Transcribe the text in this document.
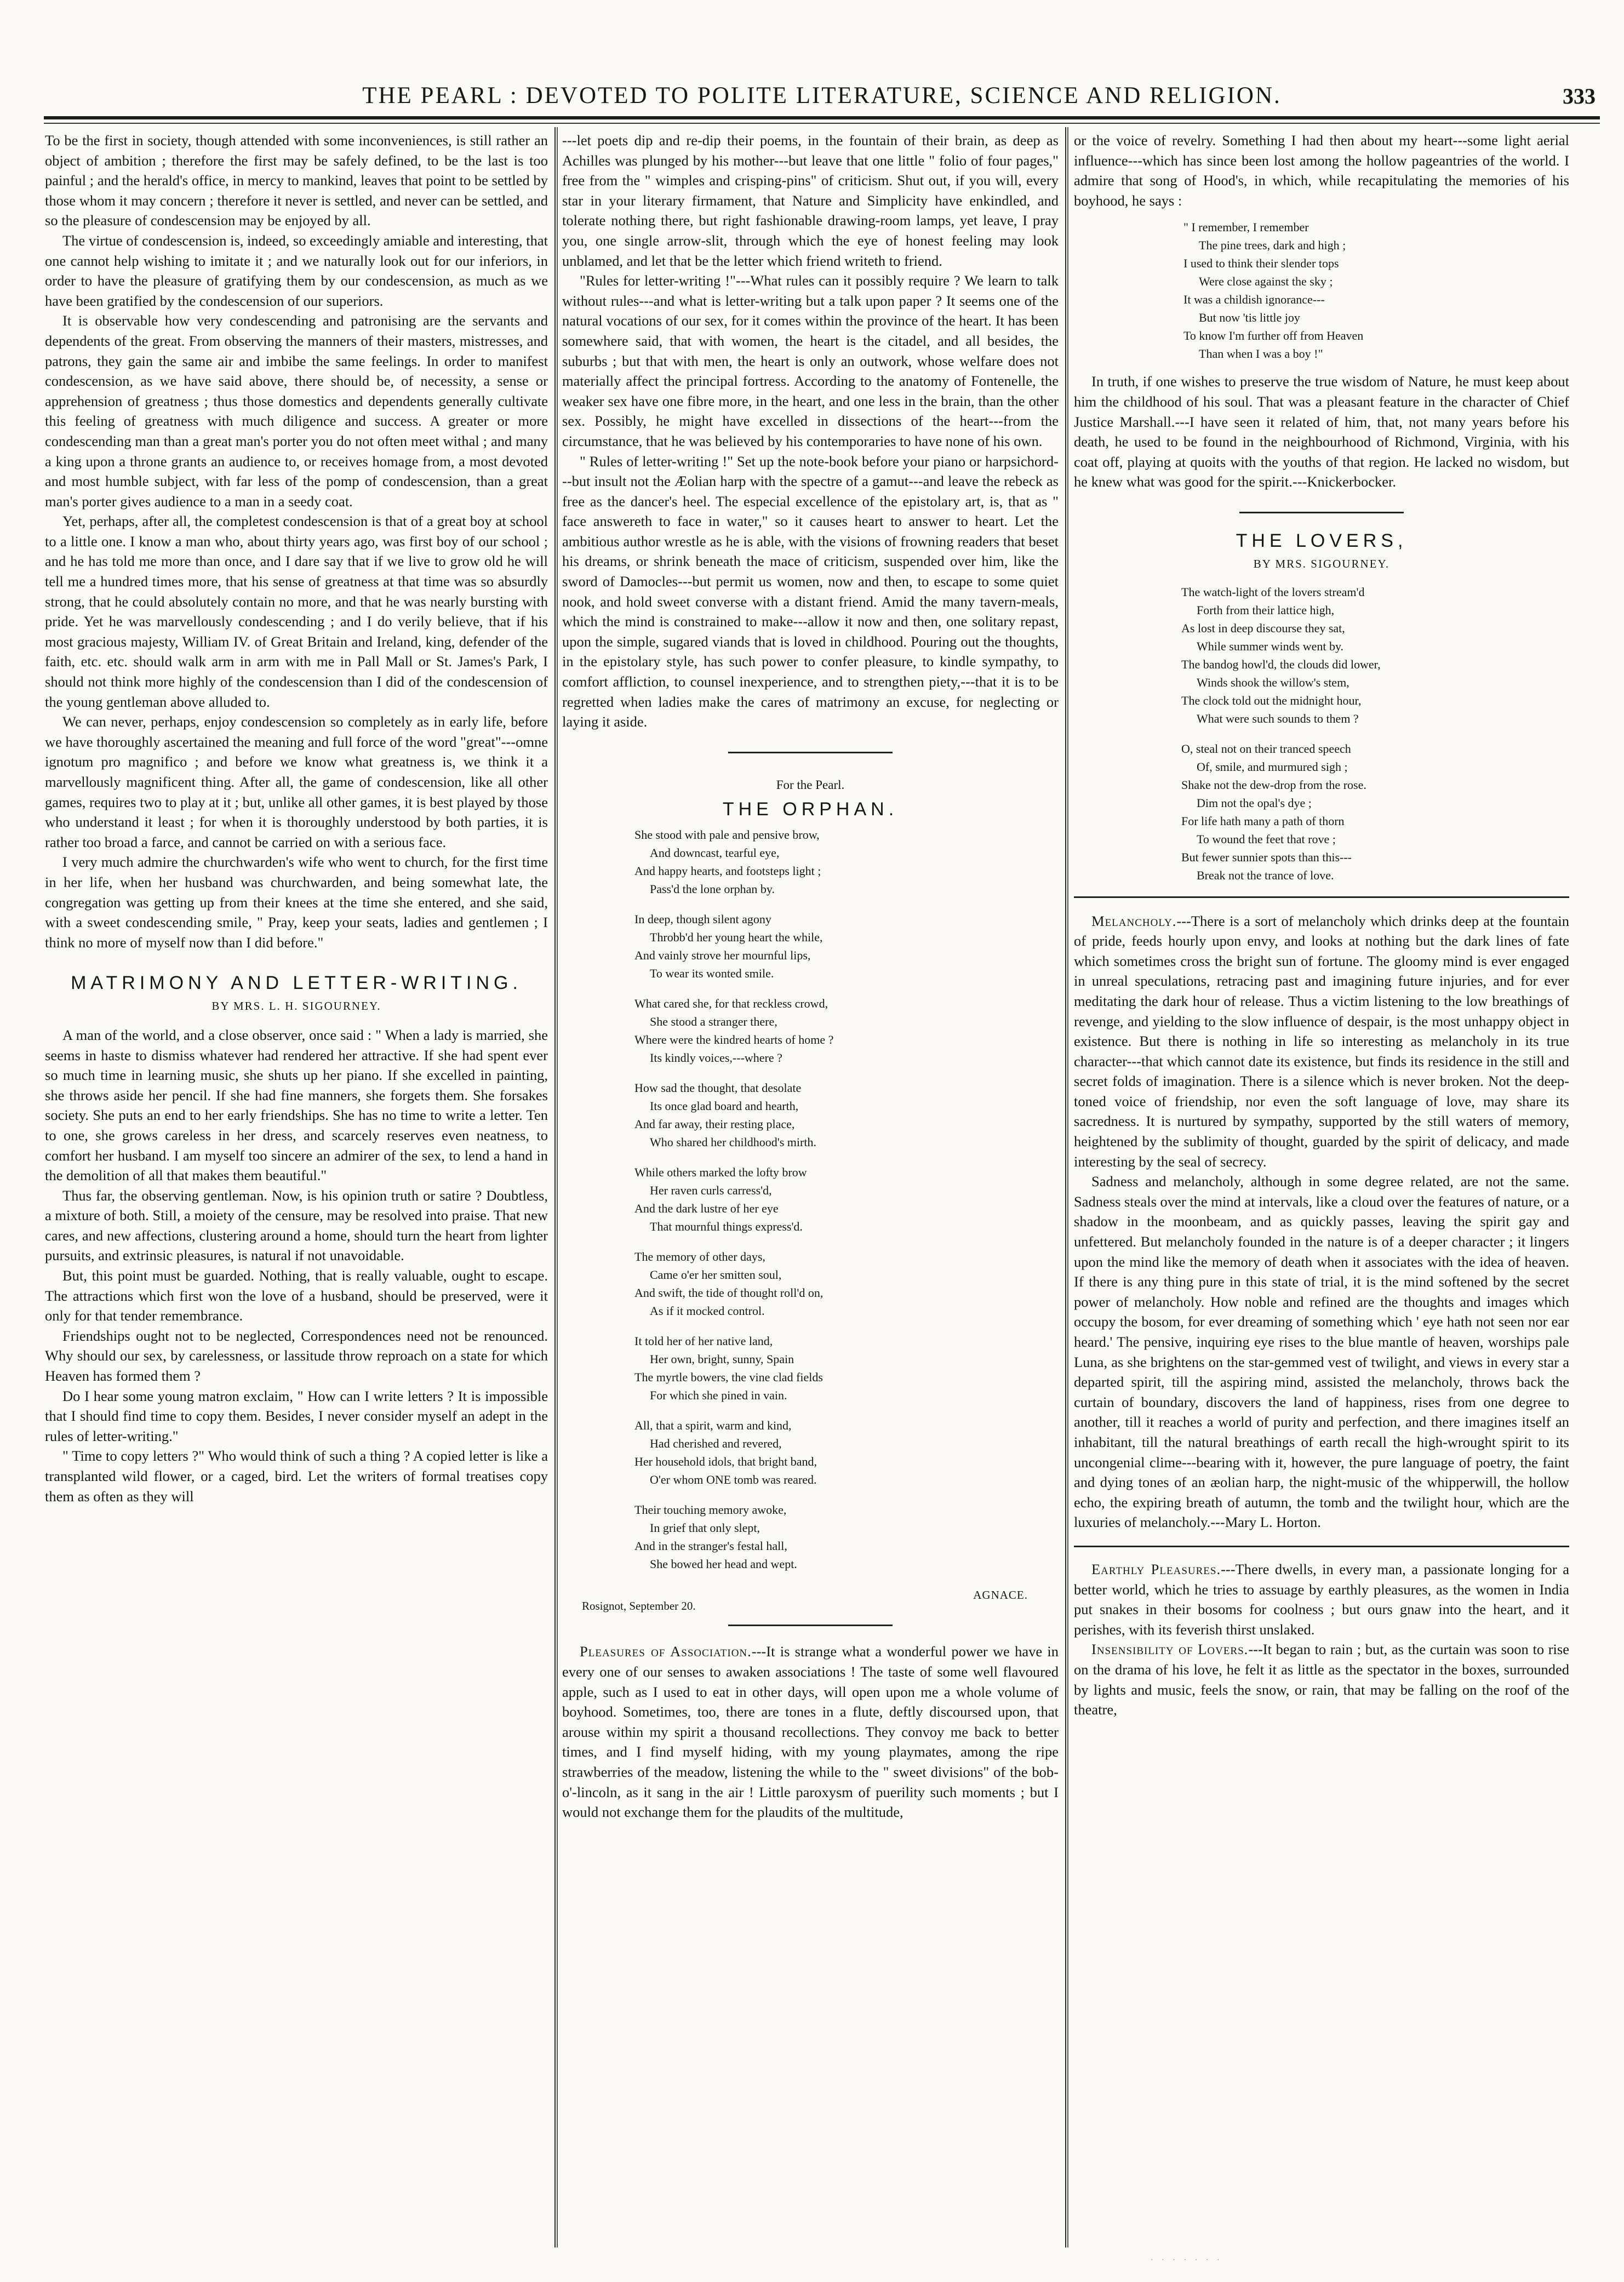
THE PEARL : DEVOTED TO POLITE LITERATURE, SCIENCE AND RELIGION.	333

To be the first in society, though attended with some inconveniences, is still rather an object of ambition ; therefore the first may be safely defined, to be the last is too painful ; and the herald's office, in mercy to mankind, leaves that point to be settled by those whom it may concern ; therefore it never is settled, and never can be settled, and so the pleasure of condescension may be enjoyed by all.

The virtue of condescension is, indeed, so exceedingly amiable and interesting, that one cannot help wishing to imitate it ; and we naturally look out for our inferiors, in order to have the pleasure of gratifying them by our condescension, as much as we have been gratified by the condescension of our superiors.

It is observable how very condescending and patronising are the servants and dependents of the great. From observing the manners of their masters, mistresses, and patrons, they gain the same air and imbibe the same feelings. In order to manifest condescension, as we have said above, there should be, of necessity, a sense or apprehension of greatness ; thus those domestics and dependents generally cultivate this feeling of greatness with much diligence and success. A greater or more condescending man than a great man's porter you do not often meet withal ; and many a king upon a throne grants an audience to, or receives homage from, a most devoted and most humble subject, with far less of the pomp of condescension, than a great man's porter gives audience to a man in a seedy coat.

Yet, perhaps, after all, the completest condescension is that of a great boy at school to a little one. I know a man who, about thirty years ago, was first boy of our school ; and he has told me more than once, and I dare say that if we live to grow old he will tell me a hundred times more, that his sense of greatness at that time was so absurdly strong, that he could absolutely contain no more, and that he was nearly bursting with pride. Yet he was marvellously condescending ; and I do verily believe, that if his most gracious majesty, William IV. of Great Britain and Ireland, king, defender of the faith, etc. etc. should walk arm in arm with me in Pall Mall or St. James's Park, I should not think more highly of the condescension than I did of the condescension of the young gentleman above alluded to.

We can never, perhaps, enjoy condescension so completely as in early life, before we have thoroughly ascertained the meaning and full force of the word "great"---omne ignotum pro magnifico ; and before we know what greatness is, we think it a marvellously magnificent thing. After all, the game of condescension, like all other games, requires two to play at it ; but, unlike all other games, it is best played by those who understand it least ; for when it is thoroughly understood by both parties, it is rather too broad a farce, and cannot be carried on with a serious face.

I very much admire the churchwarden's wife who went to church, for the first time in her life, when her husband was churchwarden, and being somewhat late, the congregation was getting up from their knees at the time she entered, and she said, with a sweet condescending smile, " Pray, keep your seats, ladies and gentlemen ; I think no more of myself now than I did before."

MATRIMONY AND LETTER-WRITING.
BY MRS. L. H. SIGOURNEY.

A man of the world, and a close observer, once said : " When a lady is married, she seems in haste to dismiss whatever had rendered her attractive. If she had spent ever so much time in learning music, she shuts up her piano. If she excelled in painting, she throws aside her pencil. If she had fine manners, she forgets them. She forsakes society. She puts an end to her early friendships. She has no time to write a letter. Ten to one, she grows careless in her dress, and scarcely reserves even neatness, to comfort her husband. I am myself too sincere an admirer of the sex, to lend a hand in the demolition of all that makes them beautiful."

Thus far, the observing gentleman. Now, is his opinion truth or satire ? Doubtless, a mixture of both. Still, a moiety of the censure, may be resolved into praise. That new cares, and new affections, clustering around a home, should turn the heart from lighter pursuits, and extrinsic pleasures, is natural if not unavoidable.

But, this point must be guarded. Nothing, that is really valuable, ought to escape. The attractions which first won the love of a husband, should be preserved, were it only for that tender remembrance.

Friendships ought not to be neglected, Correspondences need not be renounced. Why should our sex, by carelessness, or lassitude throw reproach on a state for which Heaven has formed them ?

Do I hear some young matron exclaim, " How can I write letters ? It is impossible that I should find time to copy them. Besides, I never consider myself an adept in the rules of letter-writing."

" Time to copy letters ?" Who would think of such a thing ? A copied letter is like a transplanted wild flower, or a caged, bird. Let the writers of formal treatises copy them as often as they will

---let poets dip and re-dip their poems, in the fountain of their brain, as deep as Achilles was plunged by his mother---but leave that one little " folio of four pages," free from the " wimples and crisping-pins" of criticism. Shut out, if you will, every star in your literary firmament, that Nature and Simplicity have enkindled, and tolerate nothing there, but right fashionable drawing-room lamps, yet leave, I pray you, one single arrow-slit, through which the eye of honest feeling may look unblamed, and let that be the letter which friend writeth to friend.

"Rules for letter-writing !"---What rules can it possibly require ? We learn to talk without rules---and what is letter-writing but a talk upon paper ? It seems one of the natural vocations of our sex, for it comes within the province of the heart. It has been somewhere said, that with women, the heart is the citadel, and all besides, the suburbs ; but that with men, the heart is only an outwork, whose welfare does not materially affect the principal fortress. According to the anatomy of Fontenelle, the weaker sex have one fibre more, in the heart, and one less in the brain, than the other sex. Possibly, he might have excelled in dissections of the heart---from the circumstance, that he was believed by his contemporaries to have none of his own.

" Rules of letter-writing !" Set up the note-book before your piano or harpsichord---but insult not the Æolian harp with the spectre of a gamut---and leave the rebeck as free as the dancer's heel. The especial excellence of the epistolary art, is, that as " face answereth to face in water," so it causes heart to answer to heart. Let the ambitious author wrestle as he is able, with the visions of frowning readers that beset his dreams, or shrink beneath the mace of criticism, suspended over him, like the sword of Damocles---but permit us women, now and then, to escape to some quiet nook, and hold sweet converse with a distant friend. Amid the many tavern-meals, which the mind is constrained to make---allow it now and then, one solitary repast, upon the simple, sugared viands that is loved in childhood. Pouring out the thoughts, in the epistolary style, has such power to confer pleasure, to kindle sympathy, to comfort affliction, to counsel inexperience, and to strengthen piety,---that it is to be regretted when ladies make the cares of matrimony an excuse, for neglecting or laying it aside.

For the Pearl.
THE ORPHAN.
She stood with pale and pensive brow,
And downcast, tearful eye,
And happy hearts, and footsteps light ;
Pass'd the lone orphan by.
In deep, though silent agony
Throbb'd her young heart the while,
And vainly strove her mournful lips,
To wear its wonted smile.
What cared she, for that reckless crowd,
She stood a stranger there,
Where were the kindred hearts of home ?
Its kindly voices,---where ?
How sad the thought, that desolate
Its once glad board and hearth,
And far away, their resting place,
Who shared her childhood's mirth.
While others marked the lofty brow
Her raven curls carress'd,
And the dark lustre of her eye
That mournful things express'd.
The memory of other days,
Came o'er her smitten soul,
And swift, the tide of thought roll'd on,
As if it mocked control.
It told her of her native land,
Her own, bright, sunny, Spain
The myrtle bowers, the vine clad fields
For which she pined in vain.
All, that a spirit, warm and kind,
Had cherished and revered,
Her household idols, that bright band,
O'er whom ONE tomb was reared.
Their touching memory awoke,
In grief that only slept,
And in the stranger's festal hall,
She bowed her head and wept.
AGNACE.
Rosignot, September 20.

Pleasures of Association.---It is strange what a wonderful power we have in every one of our senses to awaken associations ! The taste of some well flavoured apple, such as I used to eat in other days, will open upon me a whole volume of boyhood. Sometimes, too, there are tones in a flute, deftly discoursed upon, that arouse within my spirit a thousand recollections. They convoy me back to better times, and I find myself hiding, with my young playmates, among the ripe strawberries of the meadow, listening the while to the " sweet divisions" of the bob-o'-lincoln, as it sang in the air ! Little paroxysm of puerility such moments ; but I would not exchange them for the plaudits of the multitude,

or the voice of revelry. Something I had then about my heart---some light aerial influence---which has since been lost among the hollow pageantries of the world. I admire that song of Hood's, in which, while recapitulating the memories of his boyhood, he says :

" I remember, I remember
The pine trees, dark and high ;
I used to think their slender tops
Were close against the sky ;
It was a childish ignorance---
But now 'tis little joy
To know I'm further off from Heaven
Than when I was a boy !"

In truth, if one wishes to preserve the true wisdom of Nature, he must keep about him the childhood of his soul. That was a pleasant feature in the character of Chief Justice Marshall.---I have seen it related of him, that, not many years before his death, he used to be found in the neighbourhood of Richmond, Virginia, with his coat off, playing at quoits with the youths of that region. He lacked no wisdom, but he knew what was good for the spirit.---Knickerbocker.

THE LOVERS,
BY MRS. SIGOURNEY.
The watch-light of the lovers stream'd
Forth from their lattice high,
As lost in deep discourse they sat,
While summer winds went by.
The bandog howl'd, the clouds did lower,
Winds shook the willow's stem,
The clock told out the midnight hour,
What were such sounds to them ?
O, steal not on their tranced speech
Of, smile, and murmured sigh ;
Shake not the dew-drop from the rose.
Dim not the opal's dye ;
For life hath many a path of thorn
To wound the feet that rove ;
But fewer sunnier spots than this---
Break not the trance of love.

Melancholy.---There is a sort of melancholy which drinks deep at the fountain of pride, feeds hourly upon envy, and looks at nothing but the dark lines of fate which sometimes cross the bright sun of fortune. The gloomy mind is ever engaged in unreal speculations, retracing past and imagining future injuries, and for ever meditating the dark hour of release. Thus a victim listening to the low breathings of revenge, and yielding to the slow influence of despair, is the most unhappy object in existence. But there is nothing in life so interesting as melancholy in its true character---that which cannot date its existence, but finds its residence in the still and secret folds of imagination. There is a silence which is never broken. Not the deep-toned voice of friendship, nor even the soft language of love, may share its sacredness. It is nurtured by sympathy, supported by the still waters of memory, heightened by the sublimity of thought, guarded by the spirit of delicacy, and made interesting by the seal of secrecy.

Sadness and melancholy, although in some degree related, are not the same. Sadness steals over the mind at intervals, like a cloud over the features of nature, or a shadow in the moonbeam, and as quickly passes, leaving the spirit gay and unfettered. But melancholy founded in the nature is of a deeper character ; it lingers upon the mind like the memory of death when it associates with the idea of heaven. If there is any thing pure in this state of trial, it is the mind softened by the secret power of melancholy. How noble and refined are the thoughts and images which occupy the bosom, for ever dreaming of something which ' eye hath not seen nor ear heard.' The pensive, inquiring eye rises to the blue mantle of heaven, worships pale Luna, as she brightens on the star-gemmed vest of twilight, and views in every star a departed spirit, till the aspiring mind, assisted the melancholy, throws back the curtain of boundary, discovers the land of happiness, rises from one degree to another, till it reaches a world of purity and perfection, and there imagines itself an inhabitant, till the natural breathings of earth recall the high-wrought spirit to its uncongenial clime---bearing with it, however, the pure language of poetry, the faint and dying tones of an æolian harp, the night-music of the whipperwill, the hollow echo, the expiring breath of autumn, the tomb and the twilight hour, which are the luxuries of melancholy.---Mary L. Horton.

Earthly Pleasures.---There dwells, in every man, a passionate longing for a better world, which he tries to assuage by earthly pleasures, as the women in India put snakes in their bosoms for coolness ; but ours gnaw into the heart, and it perishes, with its feverish thirst unslaked.

Insensibility of Lovers.---It began to rain ; but, as the curtain was soon to rise on the drama of his love, he felt it as little as the spectator in the boxes, surrounded by lights and music, feels the snow, or rain, that may be falling on the roof of the theatre,

· · · · · · ·
